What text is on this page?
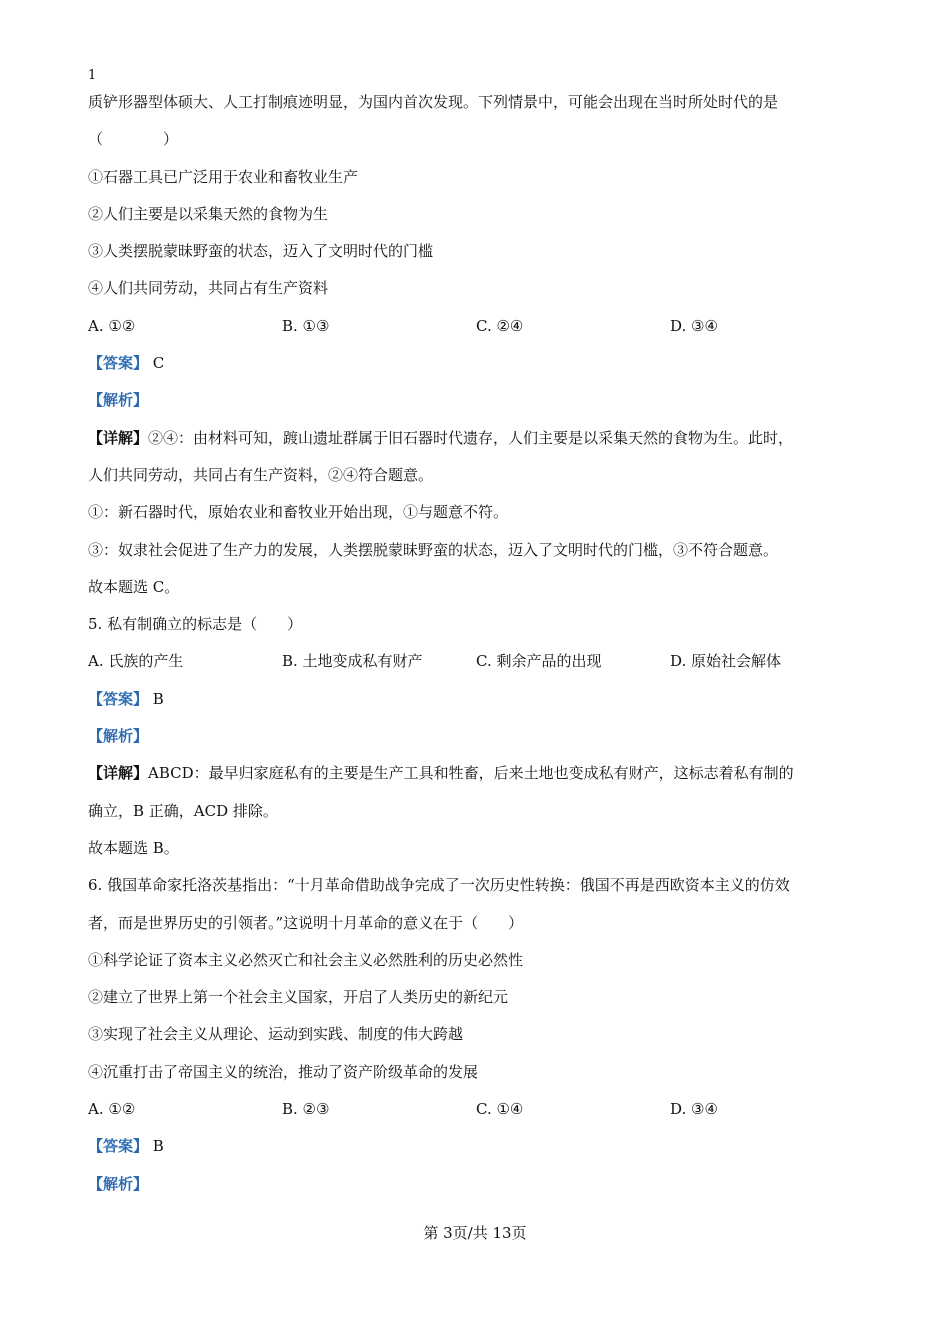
1
质铲形器型体硕大、人工打制痕迹明显，为国内首次发现。下列情景中，可能会出现在当时所处时代的是
（　　　　）
①石器工具已广泛用于农业和畜牧业生产
②人们主要是以采集天然的食物为生
③人类摆脱蒙昧野蛮的状态，迈入了文明时代的门槛
④人们共同劳动，共同占有生产资料
A. ①②	B. ①③	C. ②④	D. ③④
【答案】 C
【解析】
【详解】②④：由材料可知，踱山遗址群属于旧石器时代遗存，人们主要是以采集天然的食物为生。此时，
人们共同劳动，共同占有生产资料，②④符合题意。
①：新石器时代，原始农业和畜牧业开始出现，①与题意不符。
③：奴隶社会促进了生产力的发展，人类摆脱蒙昧野蛮的状态，迈入了文明时代的门槛，③不符合题意。
故本题选 C。
5. 私有制确立的标志是（　　）
A. 氏族的产生	B. 土地变成私有财产	C. 剩余产品的出现	D. 原始社会解体
【答案】 B
【解析】
【详解】ABCD：最早归家庭私有的主要是生产工具和牲畜，后来土地也变成私有财产，这标志着私有制的
确立，B 正确，ACD 排除。
故本题选 B。
6. 俄国革命家托洛茨基指出：“十月革命借助战争完成了一次历史性转换：俄国不再是西欧资本主义的仿效
者，而是世界历史的引领者。”这说明十月革命的意义在于（　　）
①科学论证了资本主义必然灭亡和社会主义必然胜利的历史必然性
②建立了世界上第一个社会主义国家，开启了人类历史的新纪元
③实现了社会主义从理论、运动到实践、制度的伟大跨越
④沉重打击了帝国主义的统治，推动了资产阶级革命的发展
A. ①②	B. ②③	C. ①④	D. ③④
【答案】 B
【解析】
第 3页/共 13页
